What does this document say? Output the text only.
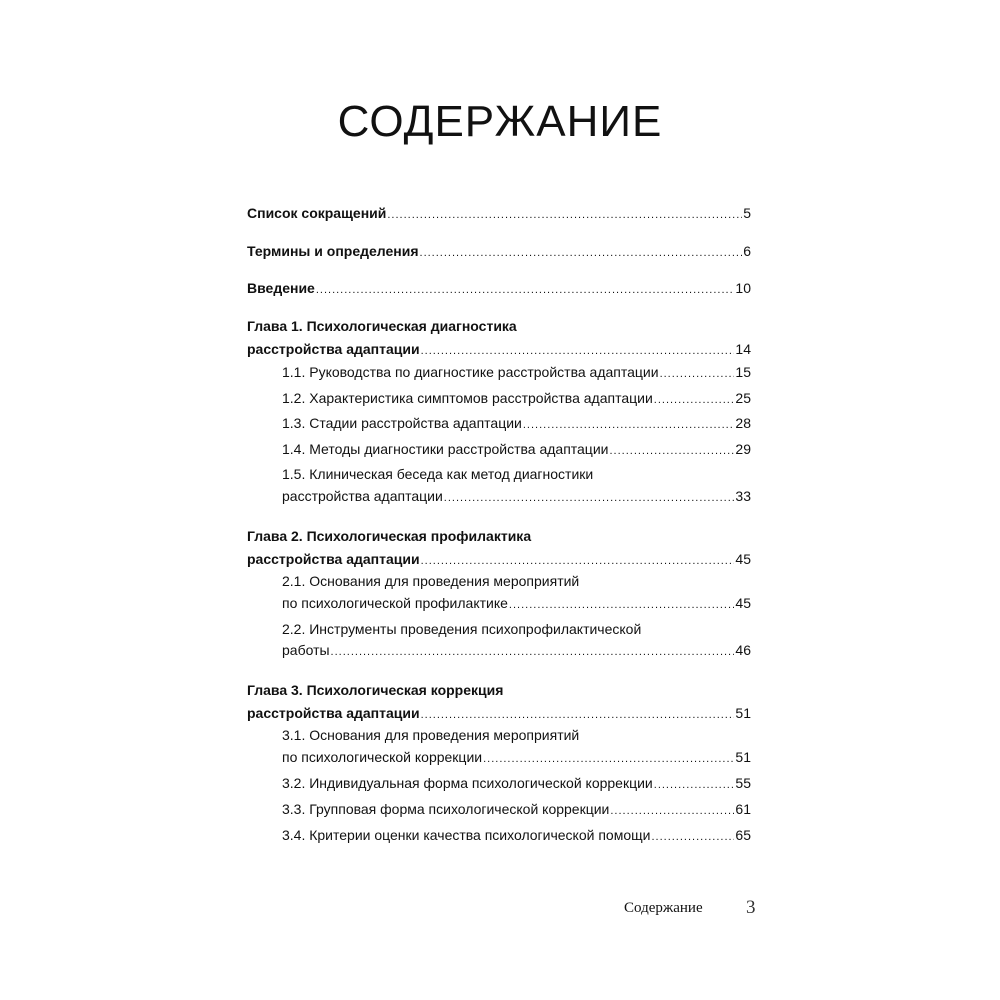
СОДЕРЖАНИЕ
Список сокращений .....	5
Термины и определения .....	6
Введение .....	10
Глава 1. Психологическая диагностика
расстройства адаптации .....	14
1.1. Руководства по диагностике расстройства адаптации .....	15
1.2. Характеристика симптомов расстройства адаптации .....	25
1.3. Стадии расстройства адаптации .....	28
1.4. Методы диагностики расстройства адаптации .....	29
1.5. Клиническая беседа как метод диагностики
расстройства адаптации .....	33
Глава 2. Психологическая профилактика
расстройства адаптации .....	45
2.1. Основания для проведения мероприятий
по психологической профилактике .....	45
2.2. Инструменты проведения психопрофилактической
работы .....	46
Глава 3. Психологическая коррекция
расстройства адаптации .....	51
3.1. Основания для проведения мероприятий
по психологической коррекции .....	51
3.2. Индивидуальная форма психологической коррекции .....	55
3.3. Групповая форма психологической коррекции .....	61
3.4. Критерии оценки качества психологической помощи .....	65
Содержание 3
